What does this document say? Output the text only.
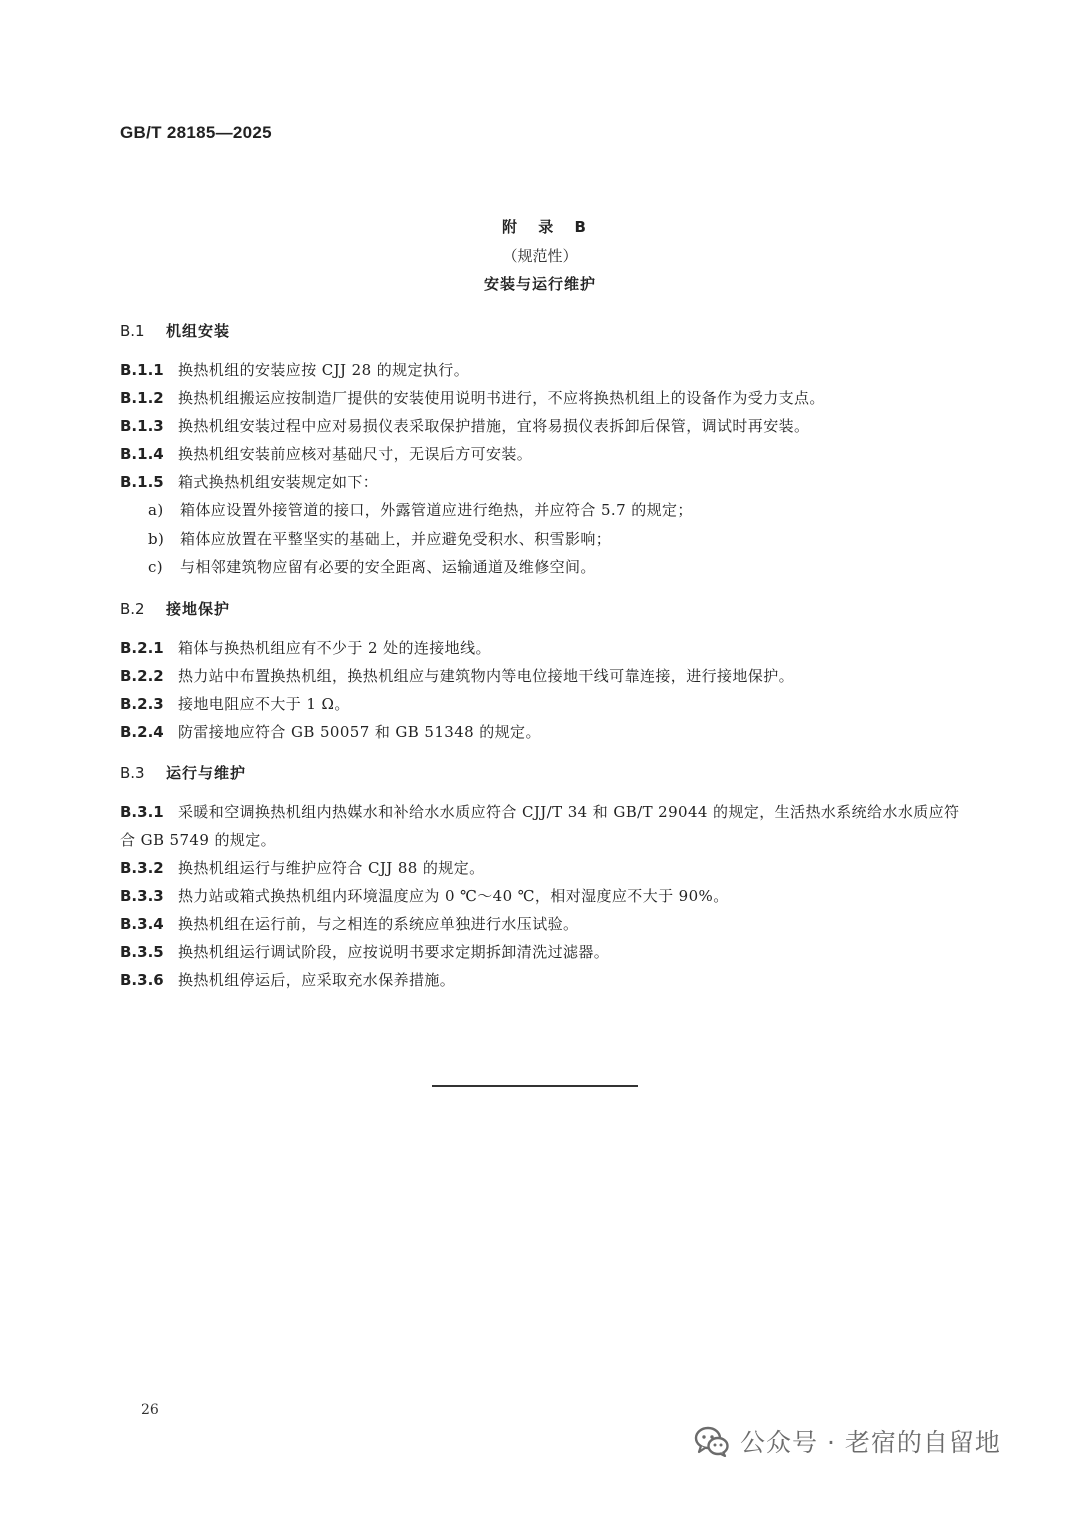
GB/T 28185—2025
附 录 B
（规范性）
安装与运行维护
B.1 机组安装
B.1.1 换热机组的安装应按 CJJ 28 的规定执行。
B.1.2 换热机组搬运应按制造厂提供的安装使用说明书进行，不应将换热机组上的设备作为受力支点。
B.1.3 换热机组安装过程中应对易损仪表采取保护措施，宜将易损仪表拆卸后保管，调试时再安装。
B.1.4 换热机组安装前应核对基础尺寸，无误后方可安装。
B.1.5 箱式换热机组安装规定如下：
a) 箱体应设置外接管道的接口，外露管道应进行绝热，并应符合 5.7 的规定；
b) 箱体应放置在平整坚实的基础上，并应避免受积水、积雪影响；
c) 与相邻建筑物应留有必要的安全距离、运输通道及维修空间。
B.2 接地保护
B.2.1 箱体与换热机组应有不少于 2 处的连接地线。
B.2.2 热力站中布置换热机组，换热机组应与建筑物内等电位接地干线可靠连接，进行接地保护。
B.2.3 接地电阻应不大于 1 Ω。
B.2.4 防雷接地应符合 GB 50057 和 GB 51348 的规定。
B.3 运行与维护
B.3.1 采暖和空调换热机组内热媒水和补给水水质应符合 CJJ/T 34 和 GB/T 29044 的规定，生活热水系统给水水质应符合 GB 5749 的规定。
B.3.2 换热机组运行与维护应符合 CJJ 88 的规定。
B.3.3 热力站或箱式换热机组内环境温度应为 0 ℃～40 ℃，相对湿度应不大于 90%。
B.3.4 换热机组在运行前，与之相连的系统应单独进行水压试验。
B.3.5 换热机组运行调试阶段，应按说明书要求定期拆卸清洗过滤器。
B.3.6 换热机组停运后，应采取充水保养措施。
26
公众号 · 老宿的自留地
